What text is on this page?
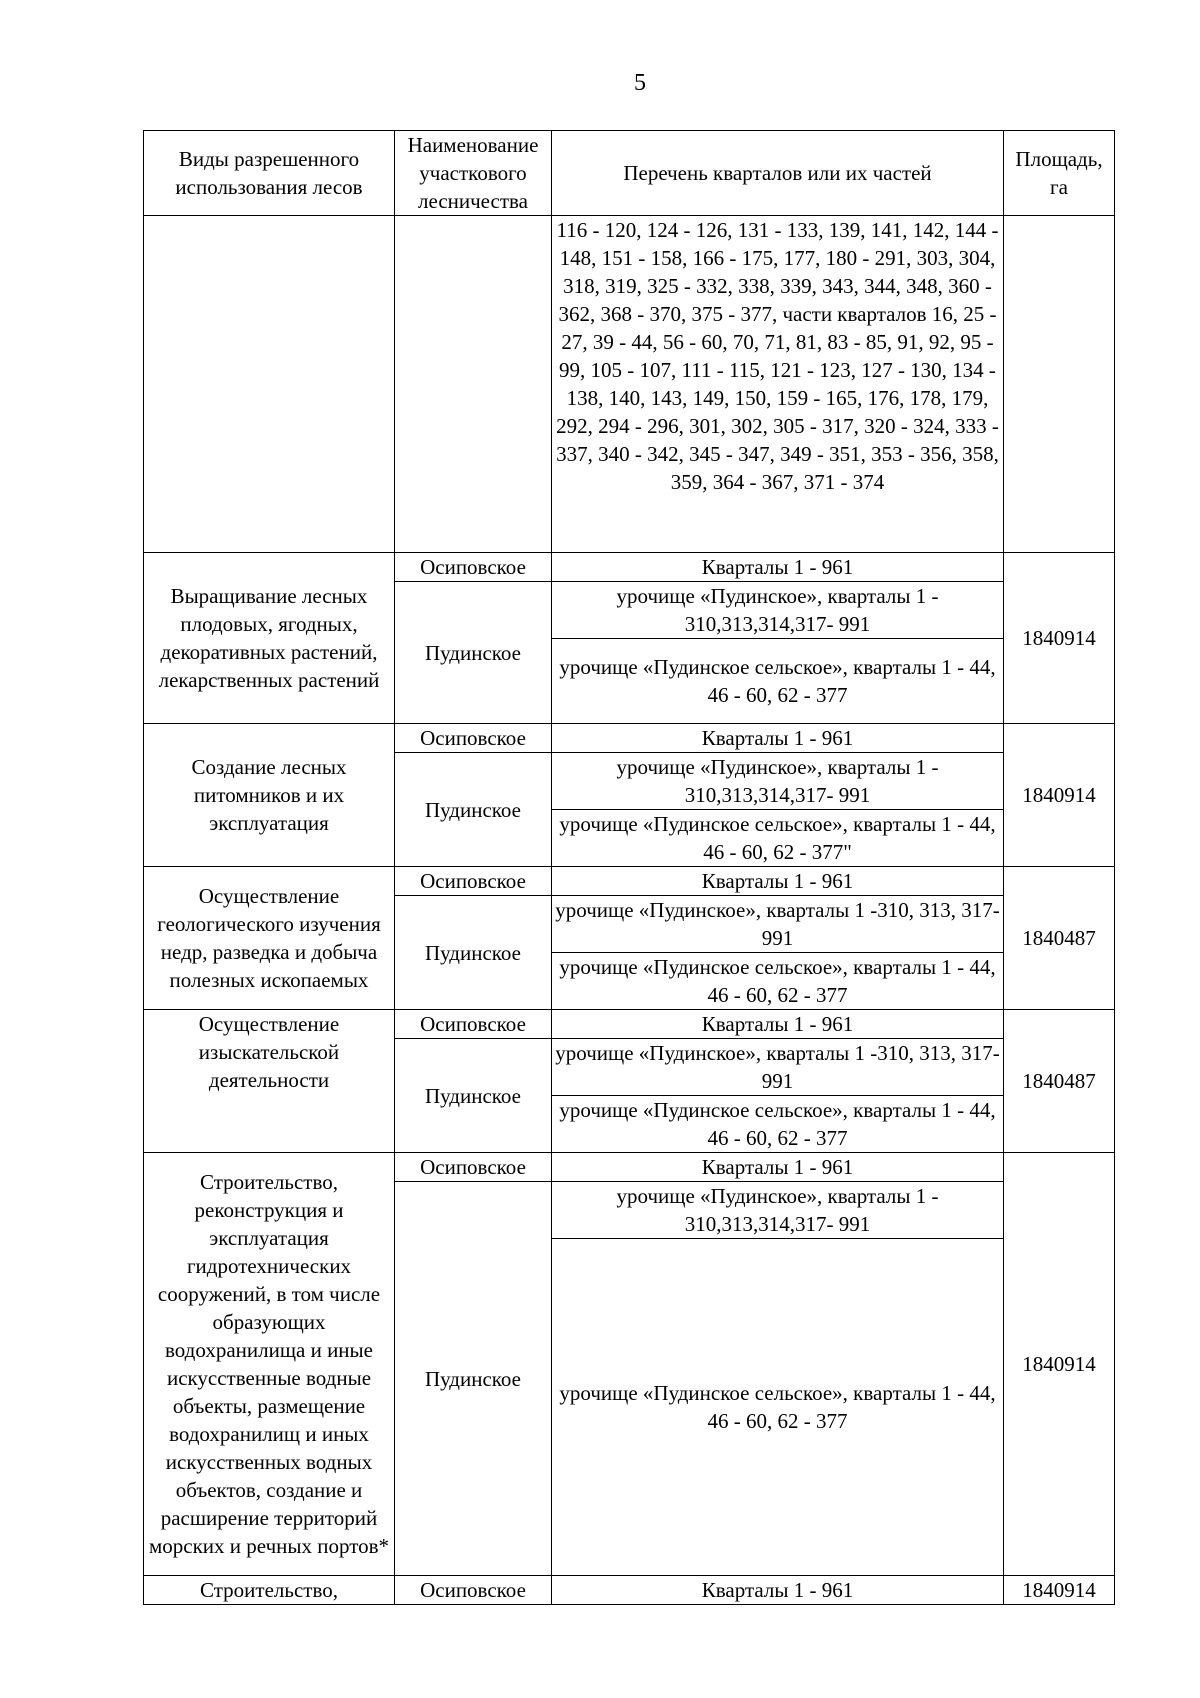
5
Виды разрешенного использования лесов	Наименование участкового лесничества	Перечень кварталов или их частей	Площадь, га
		116 - 120, 124 - 126, 131 - 133, 139, 141, 142, 144 - 148, 151 - 158, 166 - 175, 177, 180 - 291, 303, 304, 318, 319, 325 - 332, 338, 339, 343, 344, 348, 360 - 362, 368 - 370, 375 - 377, части кварталов 16, 25 - 27, 39 - 44, 56 - 60, 70, 71, 81, 83 - 85, 91, 92, 95 - 99, 105 - 107, 111 - 115, 121 - 123, 127 - 130, 134 - 138, 140, 143, 149, 150, 159 - 165, 176, 178, 179, 292, 294 - 296, 301, 302, 305 - 317, 320 - 324, 333 - 337, 340 - 342, 345 - 347, 349 - 351, 353 - 356, 358, 359, 364 - 367, 371 - 374	
Выращивание лесных плодовых, ягодных, декоративных растений, лекарственных растений	Осиповское	Кварталы 1 - 961	1840914
	Пудинское	урочище «Пудинское», кварталы 1 - 310,313,314,317- 991	
		урочище «Пудинское сельское», кварталы 1 - 44, 46 - 60, 62 - 377	
Создание лесных питомников и их эксплуатация	Осиповское	Кварталы 1 - 961	1840914
	Пудинское	урочище «Пудинское», кварталы 1 - 310,313,314,317- 991	
		урочище «Пудинское сельское», кварталы 1 - 44, 46 - 60, 62 - 377"	
Осуществление геологического изучения недр, разведка и добыча полезных ископаемых	Осиповское	Кварталы 1 - 961	1840487
	Пудинское	урочище «Пудинское», кварталы 1 -310, 313, 317- 991	
		урочище «Пудинское сельское», кварталы 1 - 44, 46 - 60, 62 - 377	
Осуществление изыскательской деятельности	Осиповское	Кварталы 1 - 961	1840487
	Пудинское	урочище «Пудинское», кварталы 1 -310, 313, 317- 991	
		урочище «Пудинское сельское», кварталы 1 - 44, 46 - 60, 62 - 377	
Строительство, реконструкция и эксплуатация гидротехнических сооружений, в том числе образующих водохранилища и иные искусственные водные объекты, размещение водохранилищ и иных искусственных водных объектов, создание и расширение территорий морских и речных портов*	Осиповское	Кварталы 1 - 961	1840914
	Пудинское	урочище «Пудинское», кварталы 1 - 310,313,314,317- 991	
		урочище «Пудинское сельское», кварталы 1 - 44, 46 - 60, 62 - 377	
Строительство,	Осиповское	Кварталы 1 - 961	1840914
